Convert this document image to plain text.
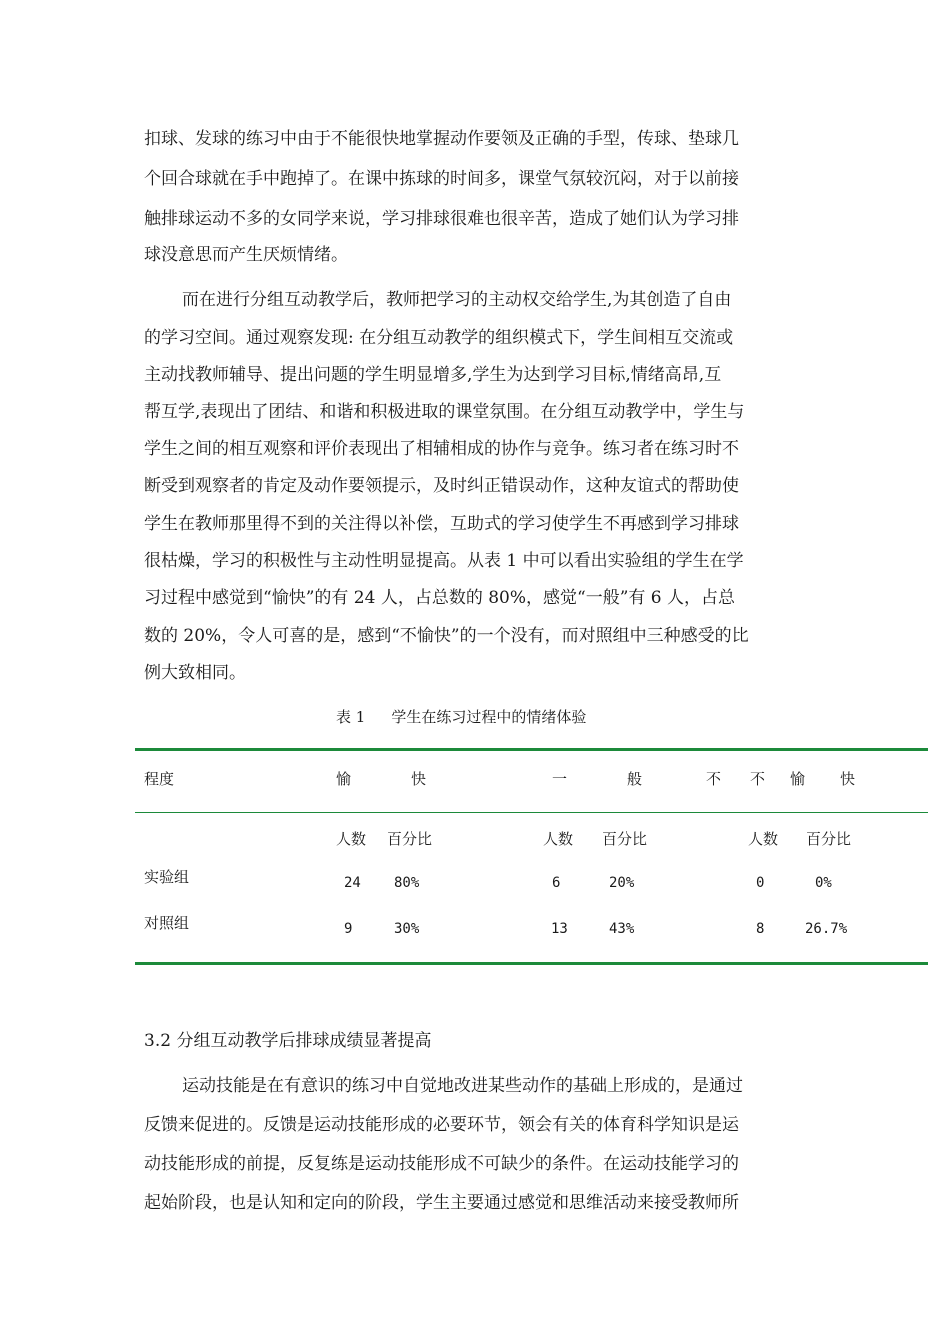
扣球、发球的练习中由于不能很快地掌握动作要领及正确的手型，传球、垫球几
个回合球就在手中跑掉了。在课中拣球的时间多，课堂气氛较沉闷，对于以前接
触排球运动不多的女同学来说，学习排球很难也很辛苦，造成了她们认为学习排
球没意思而产生厌烦情绪。
而在进行分组互动教学后，教师把学习的主动权交给学生,为其创造了自由
的学习空间。通过观察发现: 在分组互动教学的组织模式下，学生间相互交流或
主动找教师辅导、提出问题的学生明显增多,学生为达到学习目标,情绪高昂,互
帮互学,表现出了团结、和谐和积极进取的课堂氛围。在分组互动教学中，学生与
学生之间的相互观察和评价表现出了相辅相成的协作与竞争。练习者在练习时不
断受到观察者的肯定及动作要领提示，及时纠正错误动作，这种友谊式的帮助使
学生在教师那里得不到的关注得以补偿，互助式的学习使学生不再感到学习排球
很枯燥，学习的积极性与主动性明显提高。从表 1 中可以看出实验组的学生在学
习过程中感觉到“愉快”的有 24 人，占总数的 80%，感觉“一般”有 6 人，占总
数的 20%，令人可喜的是，感到“不愉快”的一个没有，而对照组中三种感受的比
例大致相同。
表 1 学生在练习过程中的情绪体验
程度	愉	快	一	般	不 不 愉 快
人数 百分比	人数 百分比	人数 百分比
实验组	24 80%	6	20%	0	0%
对照组	9	30%	13	43%	8	26.7%
3.2 分组互动教学后排球成绩显著提高
运动技能是在有意识的练习中自觉地改进某些动作的基础上形成的，是通过
反馈来促进的。反馈是运动技能形成的必要环节，领会有关的体育科学知识是运
动技能形成的前提，反复练是运动技能形成不可缺少的条件。在运动技能学习的
起始阶段，也是认知和定向的阶段，学生主要通过感觉和思维活动来接受教师所
